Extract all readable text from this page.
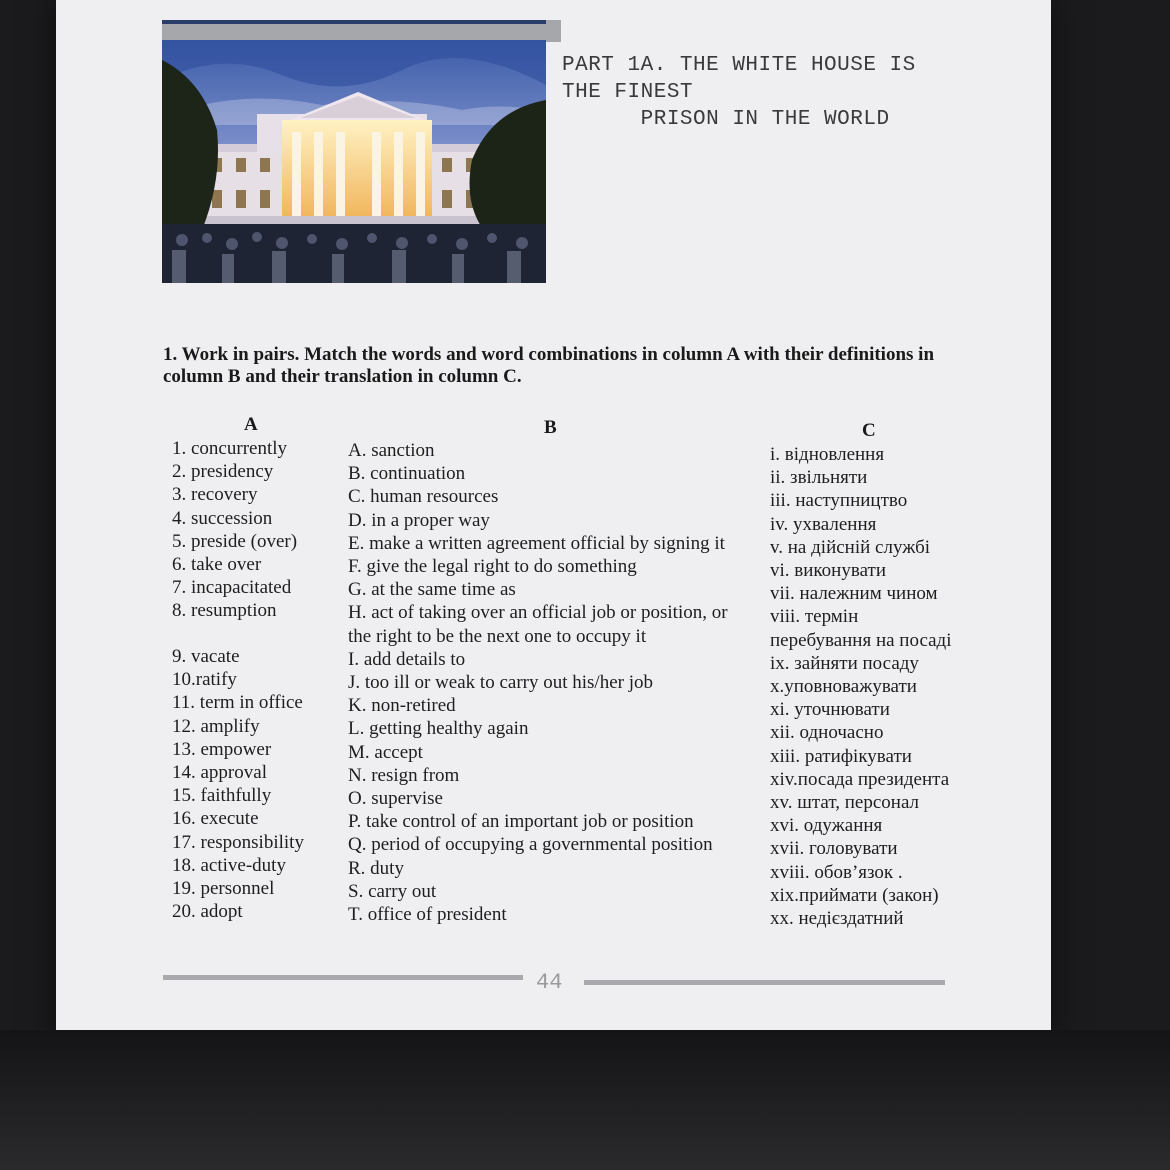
PART 1A. THE WHITE HOUSE IS
THE FINEST
PRISON IN THE WORLD
1. Work in pairs. Match the words and word combinations in column A with their definitions in column B and their translation in column C.
A	B	C
1. concurrently
2. presidency
3. recovery
4. succession
5. preside (over)
6. take over
7. incapacitated
8. resumption
9. vacate
10.ratify
11. term in office
12. amplify
13. empower
14. approval
15. faithfully
16. execute
17. responsibility
18. active-duty
19. personnel
20. adopt
A. sanction
B. continuation
C. human resources
D. in a proper way
E. make a written agreement official by signing it
F. give the legal right to do something
G. at the same time as
H. act of taking over an official job or position, or
the right to be the next one to occupy it
I. add details to
J. too ill or weak to carry out his/her job
K. non-retired
L. getting healthy again
M. accept
N. resign from
O. supervise
P. take control of an important job or position
Q. period of occupying a governmental position
R. duty
S. carry out
T. office of president
i. відновлення
ii. звільняти
iii. наступництво
iv. ухвалення
v. на дійсній службі
vi. виконувати
vii. належним чином
viii. термін
перебування на посаді
ix. зайняти посаду
x.уповноважувати
xi. уточнювати
xii. одночасно
xiii. ратифікувати
xiv.посада президента
xv. штат, персонал
xvi. одужання
xvii. головувати
xviii. обов’язок .
xix.приймати (закон)
xx. недієздатний
44
